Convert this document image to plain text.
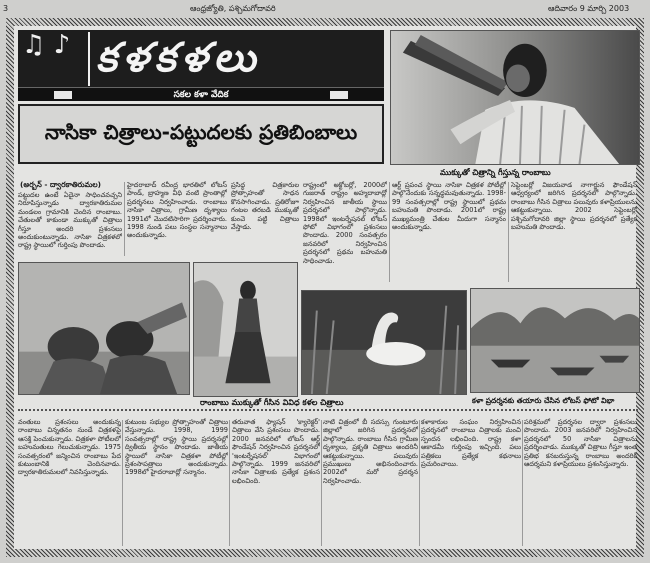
3	ఆంధ్రజ్యోతి, పశ్చిమగోదావరి	ఆదివారం 9 మార్చి 2003
♫ ♪ కళకళలు
సకల కళా వేదిక
నాసికా చిత్రాలు-పట్టుదలకు ప్రతిబింబాలు
ముక్కుతో చిత్రాన్ని గీస్తున్న రాంబాబు
(అర్బన్ - ద్వారకాతిరుమల)
పట్టుదల ఉంటే ఏదైనా సాధించవచ్చని నిరూపిస్తున్నాడు ద్వారకాతిరుమల మండలం గ్రామానికి చెందిన రాంబాబు. చేతులతో కాకుండా ముక్కుతో చిత్రాలు గీస్తూ అందరి ప్రశంసలు అందుకుంటున్నాడు. నాసికా చిత్రకళలో రాష్ట్ర స్థాయిలో గుర్తింపు పొందాడు.
హైదరాబాద్ రవీంద్ర భారతిలో లోటస్ పాండ్, బ్రాహ్మణ వీధి వంటి ప్రాంతాల్లో ప్రదర్శనలు నిర్వహించాడు. రాంబాబు నాసికా చిత్రాలు, గ్రామీణ దృశ్యాలు 1991లో మొదటిసారిగా ప్రదర్శించారు. 1998 నుండి పలు సంస్థల సన్మానాలు అందుకున్నాడు.
ప్రసిద్ధ చిత్రకారుల ప్రోత్సాహంతో సాధన కొనసాగించాడు. ప్రతిరోజూ గంటల తరబడి ముక్కుతో కుంచె పట్టి చిత్రాలు వేస్తాడు.
రాష్ట్రంలో అక్టోబర్లో, 2000లో గుజరాత్ రాష్ట్రం అహ్మదాబాద్లో నిర్వహించిన జాతీయ స్థాయి ప్రదర్శనలో పాల్గొన్నాడు. 1998లో ఇంటర్నేషనల్ లోటస్ ఫోటో విభాగంలో ప్రశంసలు పొందాడు. 2000 సంవత్సరం జనవరిలో నిర్వహించిన ప్రదర్శనలో ప్రథమ బహుమతి సాధించాడు.
ఆర్ట్ ప్రపంచ స్థాయి నాసికా చిత్రకళ పోటీల్లో పాల్గొనేందుకు సన్నద్ధమవుతున్నాడు. 1998-99 సంవత్సరాల్లో రాష్ట్ర స్థాయిలో ప్రథమ బహుమతి పొందాడు. 2001లో రాష్ట్ర ముఖ్యమంత్రి చేతుల మీదుగా సన్మానం అందుకున్నాడు.
సెప్టెంబర్లో విజయవాడ నాగార్జున ఫౌండేషన్ ఆధ్వర్యంలో జరిగిన ప్రదర్శనలో పాల్గొన్నాడు. రాంబాబు గీసిన చిత్రాలు పలువురు కళాప్రియులను ఆకట్టుకున్నాయి. 2002 సెప్టెంబర్లో పశ్చిమగోదావరి జిల్లా స్థాయి ప్రదర్శనలో ప్రత్యేక బహుమతి పొందాడు.
రాంబాబు ముక్కుతో గీసిన వివిధ కళల చిత్రాలు	కళా ప్రదర్శనకు తయారు చేసిన లోటస్ ఫోటో విభా
వంతులు ప్రశంసలు అందుకున్న రాంబాబు చిన్నతనం నుండే చిత్రకళపై ఆసక్తి పెంచుకున్నాడు. చిత్రకళా పోటీలలో బహుమతులు గెలుచుకున్నాడు. 1975 సంవత్సరంలో జన్మించిన రాంబాబు పేద కుటుంబానికి చెందినవాడు. ద్వారకాతిరుమలలో నివసిస్తున్నాడు.
కుటుంబ సభ్యుల ప్రోత్సాహంతో చిత్రాలు వేస్తున్నాడు. 1998, 1999 సంవత్సరాల్లో రాష్ట్ర స్థాయి ప్రదర్శనల్లో ద్వితీయ స్థానం పొందాడు. జాతీయ స్థాయిలో నాసికా చిత్రకళా పోటీల్లో ప్రశంసాపత్రాలు అందుకున్నాడు. 1998లో హైదరాబాద్లో సన్మానం.
తరువాత ఫ్యాషన్ 'క్యారెక్టర్' చిత్రాలు వేసి ప్రశంసలు పొందాడు. 2000 జనవరిలో లోటస్ ఆర్ట్ ఫౌండేషన్ నిర్వహించిన ప్రదర్శనలో 'ఇంటర్నేషనల్' విభాగంలో పాల్గొన్నాడు. 1999 జనవరిలో నాసికా చిత్రాలకు ప్రత్యేక ప్రశంస లభించింది.
నాటి చిత్రంలో బీ సదస్సు గుంటూరు జిల్లాలో జరిగిన ప్రదర్శనలో పాల్గొన్నాడు. రాంబాబు గీసిన గ్రామీణ దృశ్యాలు, ప్రకృతి చిత్రాలు అందరినీ ఆకట్టుకున్నాయి. పలువురు ప్రముఖులు అభినందించారు. 2002లో మరో ప్రదర్శన నిర్వహించాడు.
కళాకారుల సంఘం నిర్వహించిన ప్రదర్శనలో రాంబాబు చిత్రాలకు మంచి స్పందన లభించింది. రాష్ట్ర కళా అకాడమీ గుర్తింపు ఇచ్చింది. పలు పత్రికలు ప్రత్యేక కథనాలు ప్రచురించాయి.
పరిశ్రమలో ప్రదర్శనల ద్వారా ప్రశంసలు పొందాడు. 2003 జనవరిలో నిర్వహించిన ప్రదర్శనలో 50 నాసికా చిత్రాలను ప్రదర్శించాడు. ముక్కుతో చిత్రాలు గీస్తూ ఇంత ప్రతిభ కనబరుస్తున్న రాంబాబు అందరికీ ఆదర్శమని కళాప్రియులు ప్రశంసిస్తున్నారు.
